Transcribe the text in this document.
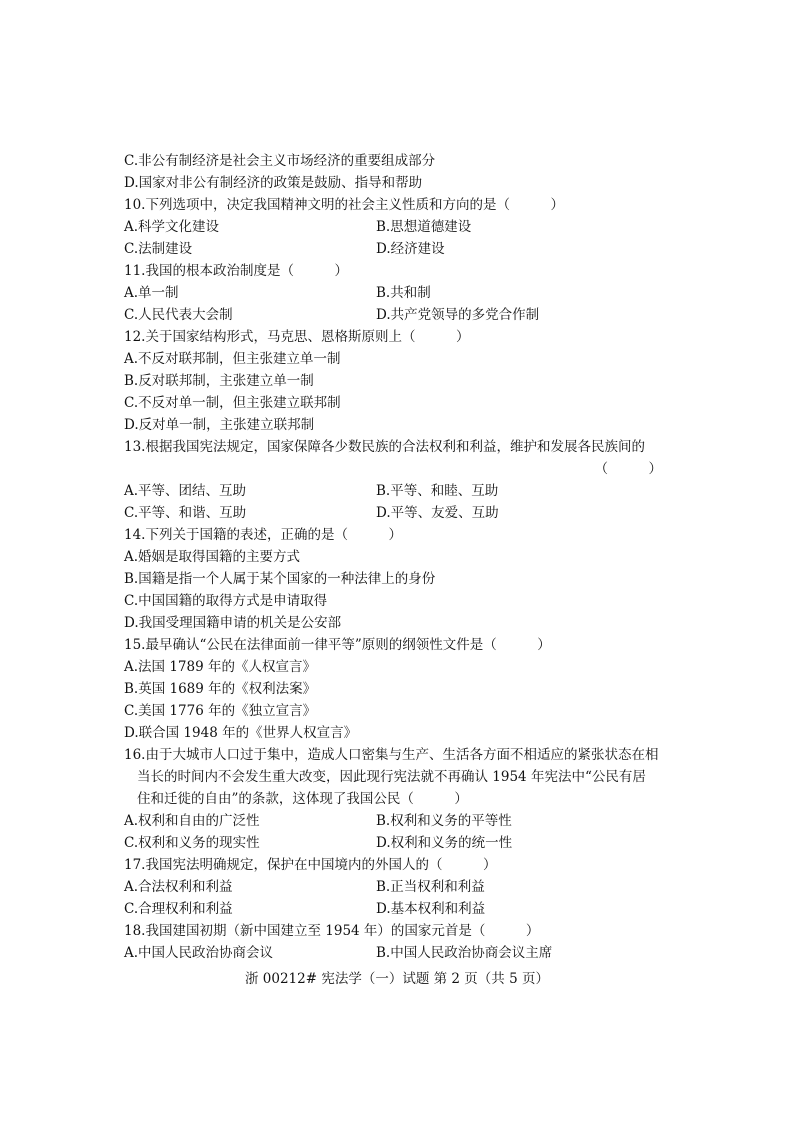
C.非公有制经济是社会主义市场经济的重要组成部分
D.国家对非公有制经济的政策是鼓励、指导和帮助
10.下列选项中，决定我国精神文明的社会主义性质和方向的是（　　　）
A.科学文化建设	B.思想道德建设
C.法制建设	D.经济建设
11.我国的根本政治制度是（　　　）
A.单一制	B.共和制
C.人民代表大会制	D.共产党领导的多党合作制
12.关于国家结构形式，马克思、恩格斯原则上（　　　）
A.不反对联邦制，但主张建立单一制
B.反对联邦制，主张建立单一制
C.不反对单一制，但主张建立联邦制
D.反对单一制，主张建立联邦制
13.根据我国宪法规定，国家保障各少数民族的合法权利和利益，维护和发展各民族间的
（　　　）
A.平等、团结、互助	B.平等、和睦、互助
C.平等、和谐、互助	D.平等、友爱、互助
14.下列关于国籍的表述，正确的是（　　　）
A.婚姻是取得国籍的主要方式
B.国籍是指一个人属于某个国家的一种法律上的身份
C.中国国籍的取得方式是申请取得
D.我国受理国籍申请的机关是公安部
15.最早确认“公民在法律面前一律平等”原则的纲领性文件是（　　　）
A.法国 1789 年的《人权宣言》
B.英国 1689 年的《权利法案》
C.美国 1776 年的《独立宣言》
D.联合国 1948 年的《世界人权宣言》
16.由于大城市人口过于集中，造成人口密集与生产、生活各方面不相适应的紧张状态在相
当长的时间内不会发生重大改变，因此现行宪法就不再确认 1954 年宪法中“公民有居
住和迁徙的自由”的条款，这体现了我国公民（　　　）
A.权利和自由的广泛性	B.权利和义务的平等性
C.权利和义务的现实性	D.权利和义务的统一性
17.我国宪法明确规定，保护在中国境内的外国人的（　　　）
A.合法权利和利益	B.正当权利和利益
C.合理权利和利益	D.基本权利和利益
18.我国建国初期（新中国建立至 1954 年）的国家元首是（　　　）
A.中国人民政治协商会议	B.中国人民政治协商会议主席
浙 00212# 宪法学（一）试题 第 2 页（共 5 页）
